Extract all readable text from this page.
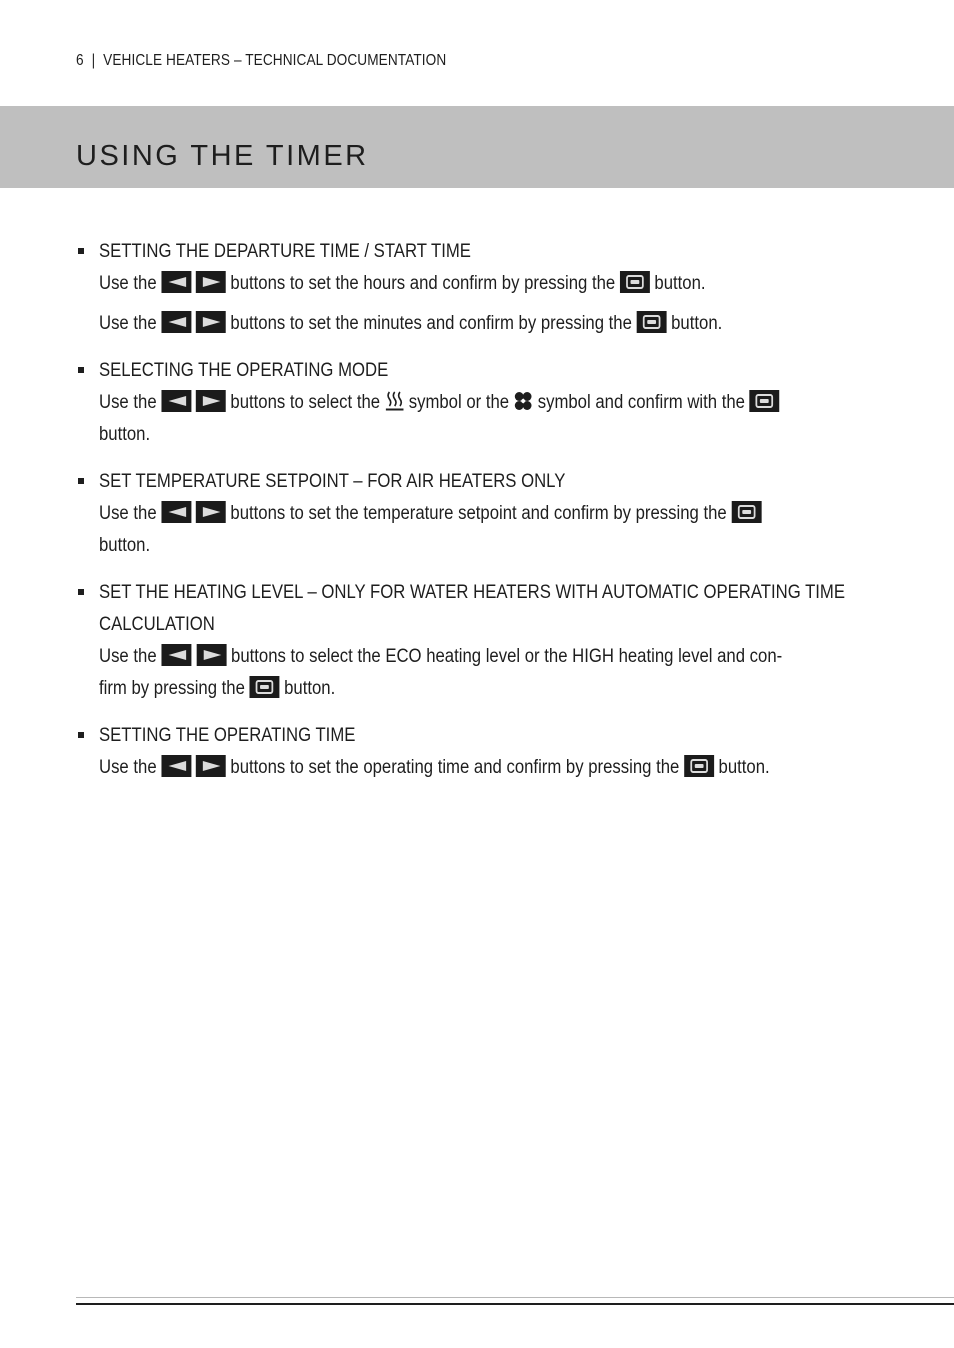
6 | VEHICLE HEATERS – TECHNICAL DOCUMENTATION
USING THE TIMER
SETTING THE DEPARTURE TIME / START TIME
Use the	buttons to set the hours and confirm by pressing the button.
Use the	buttons to set the minutes and confirm by pressing the button.
SELECTING THE OPERATING MODE
Use the	buttons to select the symbol or the symbol and confirm with the
button.
SET TEMPERATURE SETPOINT – FOR AIR HEATERS ONLY
Use the	buttons to set the temperature setpoint and confirm by pressing the
button.
SET THE HEATING LEVEL – ONLY FOR WATER HEATERS WITH AUTOMATIC OPERATING TIME
CALCULATION
Use the	buttons to select the ECO heating level or the HIGH heating level and con-
firm by pressing the button.
SETTING THE OPERATING TIME
Use the	buttons to set the operating time and confirm by pressing the button.
